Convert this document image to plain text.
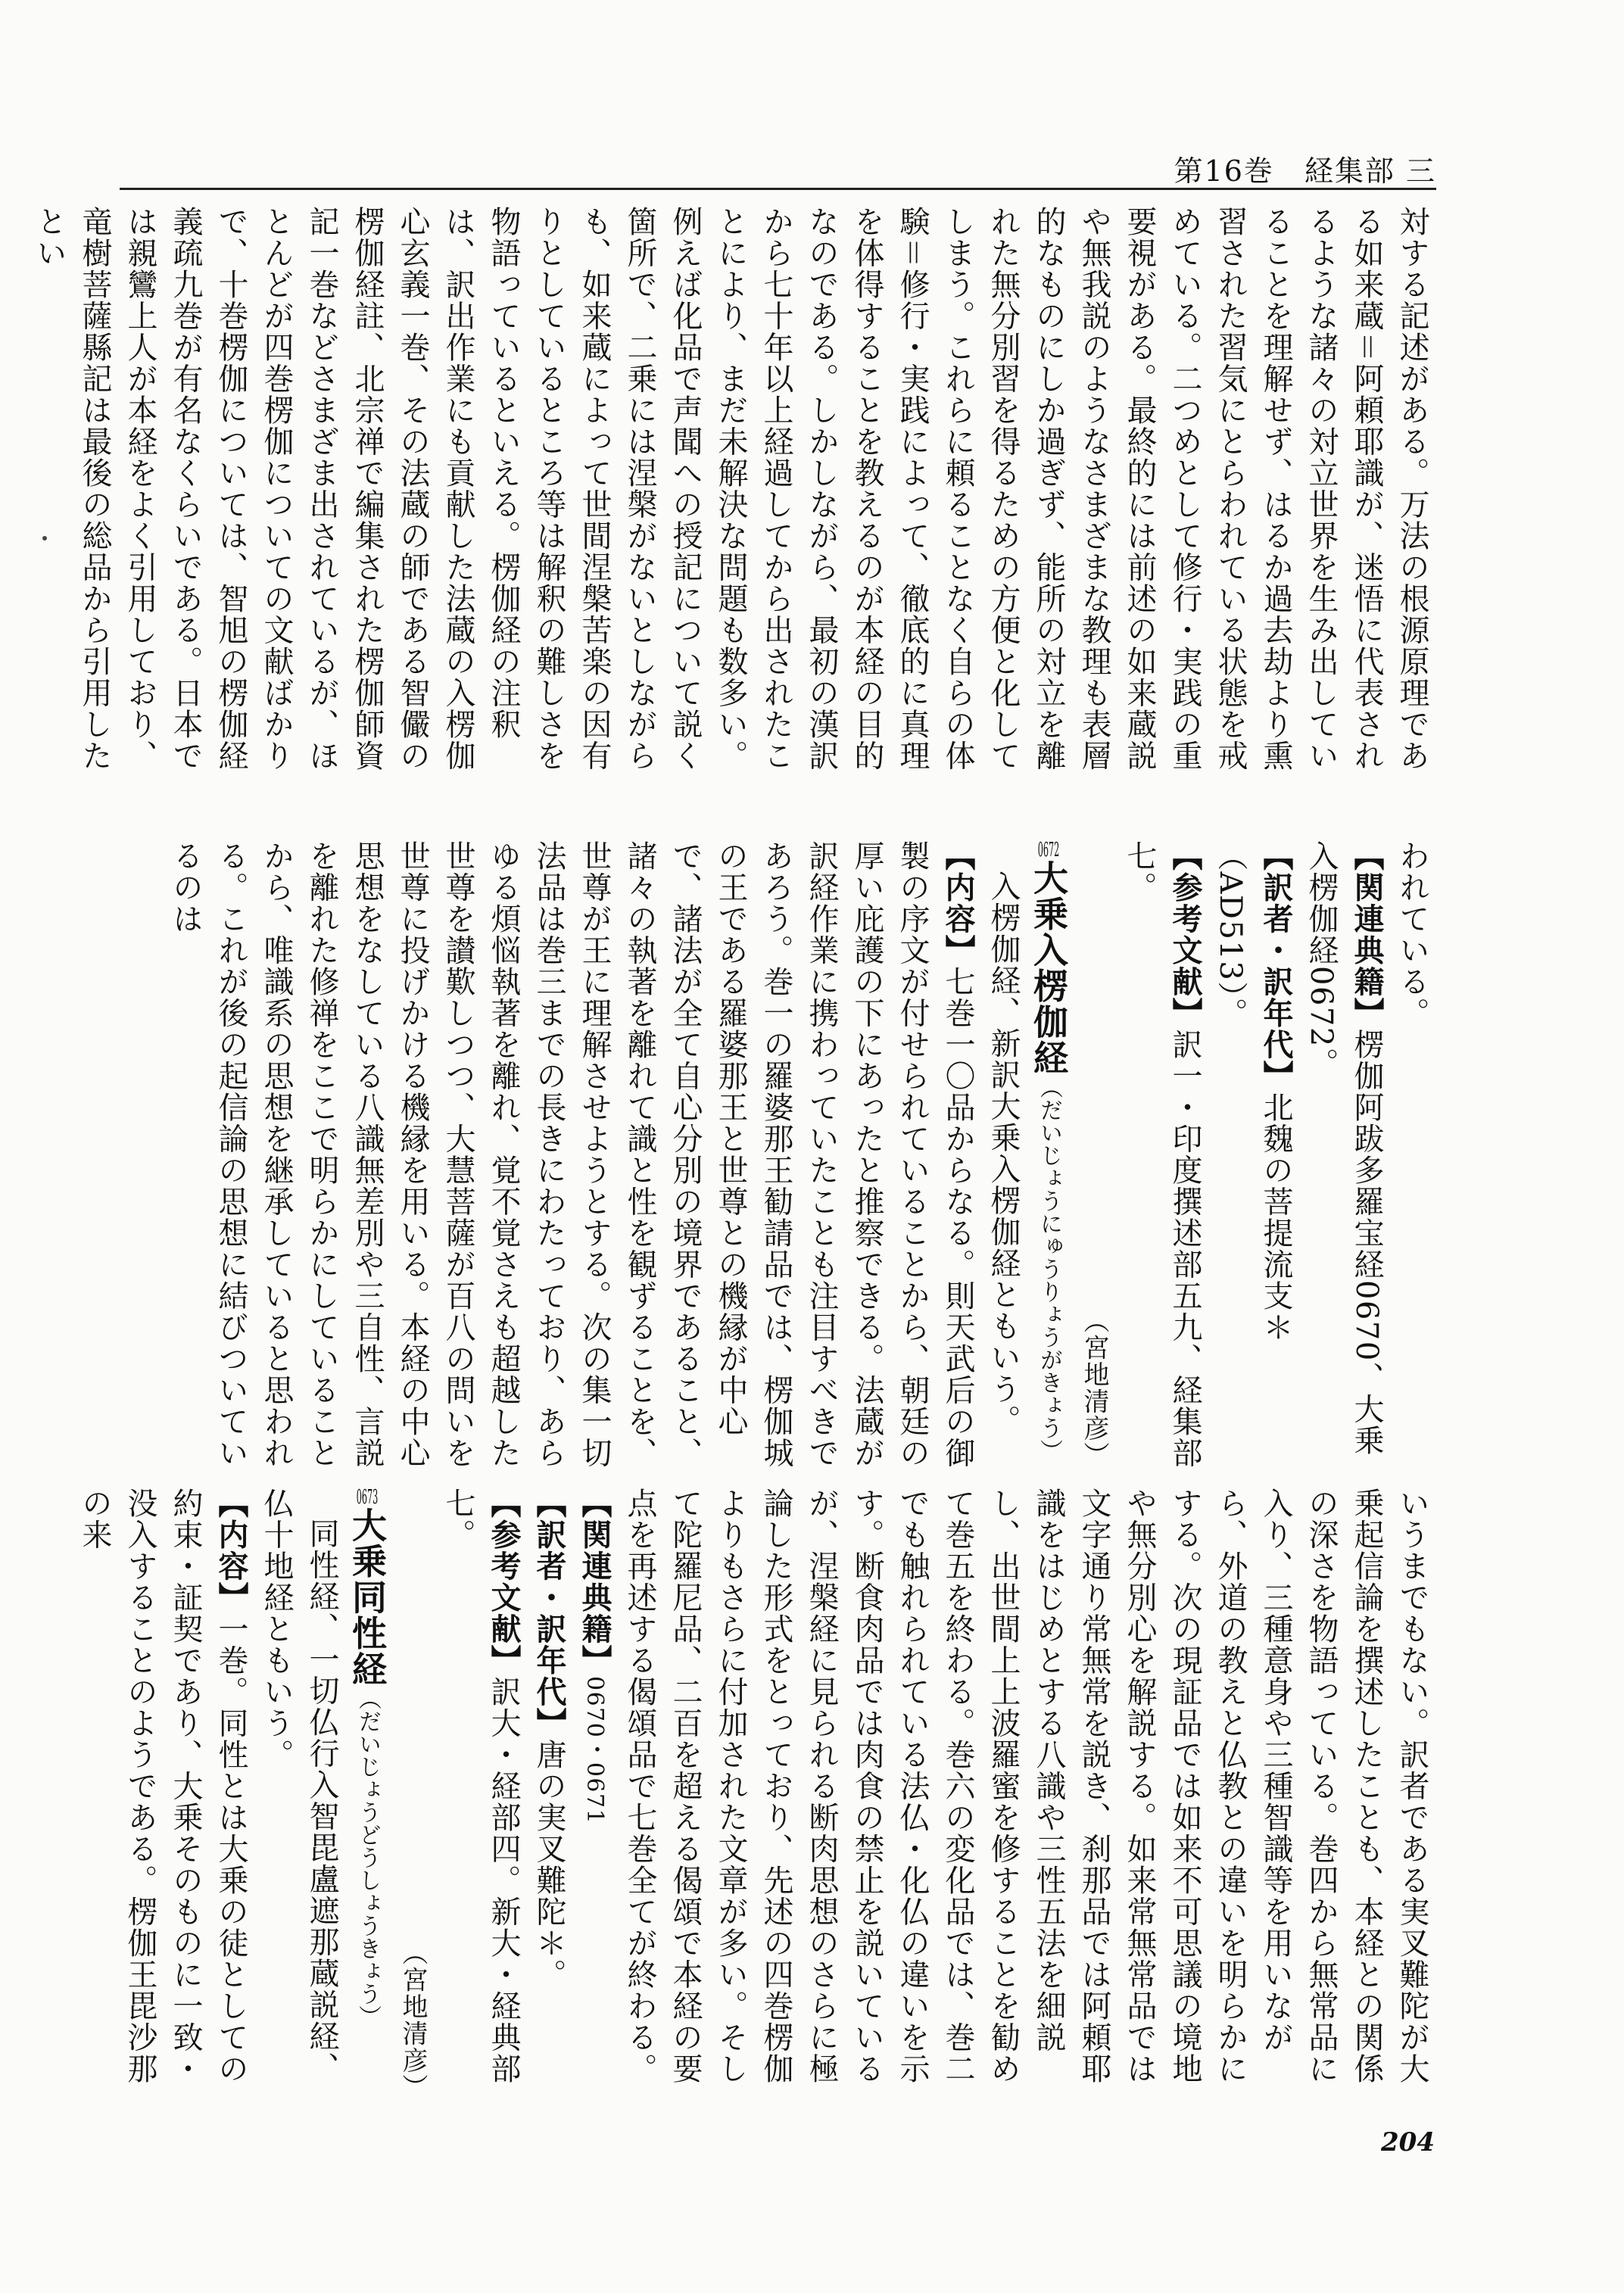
第16巻　経集部 三

対する記述がある。万法の根源原理である如来蔵＝阿頼耶識が、迷悟に代表されるような諸々の対立世界を生み出していることを理解せず、はるか過去劫より熏習された習気にとらわれている状態を戒めている。二つめとして修行・実践の重要視がある。最終的には前述の如来蔵説や無我説のようなさまざまな教理も表層的なものにしか過ぎず、能所の対立を離れた無分別習を得るための方便と化してしまう。これらに頼ることなく自らの体験＝修行・実践によって、徹底的に真理を体得することを教えるのが本経の目的なのである。しかしながら、最初の漢訳から七十年以上経過してから出されたことにより、まだ未解決な問題も数多い。例えば化品で声聞への授記について説く箇所で、二乗には涅槃がないとしながらも、如来蔵によって世間涅槃苦楽の因有りとしているところ等は解釈の難しさを物語っているといえる。楞伽経の注釈は、訳出作業にも貢献した法蔵の入楞伽心玄義一巻、その法蔵の師である智儼の楞伽経註、北宗禅で編集された楞伽師資記一巻などさまざま出されているが、ほとんどが四巻楞伽についての文献ばかりで、十巻楞伽については、智旭の楞伽経義疏九巻が有名なくらいである。日本では親鸞上人が本経をよく引用しており、竜樹菩薩縣記は最後の総品から引用したとい

われている。

【関連典籍】楞伽阿跋多羅宝経0670、大乗入楞伽経0672。

【訳者・訳年代】北魏の菩提流支＊（AD513）。

【参考文献】訳一・印度撰述部五九、経集部七。

（宮地清彦）

0672大乗入楞伽経（だいじょうにゅうりょうがきょう）

入楞伽経、新訳大乗入楞伽経ともいう。

【内容】七巻一〇品からなる。則天武后の御製の序文が付せられていることから、朝廷の厚い庇護の下にあったと推察できる。法蔵が訳経作業に携わっていたことも注目すべきであろう。巻一の羅婆那王勧請品では、楞伽城の王である羅婆那王と世尊との機縁が中心で、諸法が全て自心分別の境界であること、諸々の執著を離れて識と性を観ずることを、世尊が王に理解させようとする。次の集一切法品は巻三までの長きにわたっており、あらゆる煩悩執著を離れ、覚不覚さえも超越した世尊を讃歎しつつ、大慧菩薩が百八の問いを世尊に投げかける機縁を用いる。本経の中心思想をなしている八識無差別や三自性、言説を離れた修禅をここで明らかにしていることから、唯識系の思想を継承していると思われる。これが後の起信論の思想に結びついているのは

いうまでもない。訳者である実叉難陀が大乗起信論を撰述したことも、本経との関係の深さを物語っている。巻四から無常品に入り、三種意身や三種智識等を用いながら、外道の教えと仏教との違いを明らかにする。次の現証品では如来不可思議の境地や無分別心を解説する。如来常無常品では文字通り常無常を説き、刹那品では阿頼耶識をはじめとする八識や三性五法を細説し、出世間上上波羅蜜を修することを勧めて巻五を終わる。巻六の変化品では、巻二でも触れられている法仏・化仏の違いを示す。断食肉品では肉食の禁止を説いているが、涅槃経に見られる断肉思想のさらに極論した形式をとっており、先述の四巻楞伽よりもさらに付加された文章が多い。そして陀羅尼品、二百を超える偈頌で本経の要点を再述する偈頌品で七巻全てが終わる。

【関連典籍】0670・0671

【訳者・訳年代】唐の実叉難陀＊。

【参考文献】訳大・経部四。新大・経典部七。

（宮地清彦）

0673大乗同性経（だいじょうどうしょうきょう）

同性経、一切仏行入智毘盧遮那蔵説経、仏十地経ともいう。

【内容】一巻。同性とは大乗の徒としての約束・証契であり、大乗そのものに一致・没入することのようである。楞伽王毘沙那の来

204
